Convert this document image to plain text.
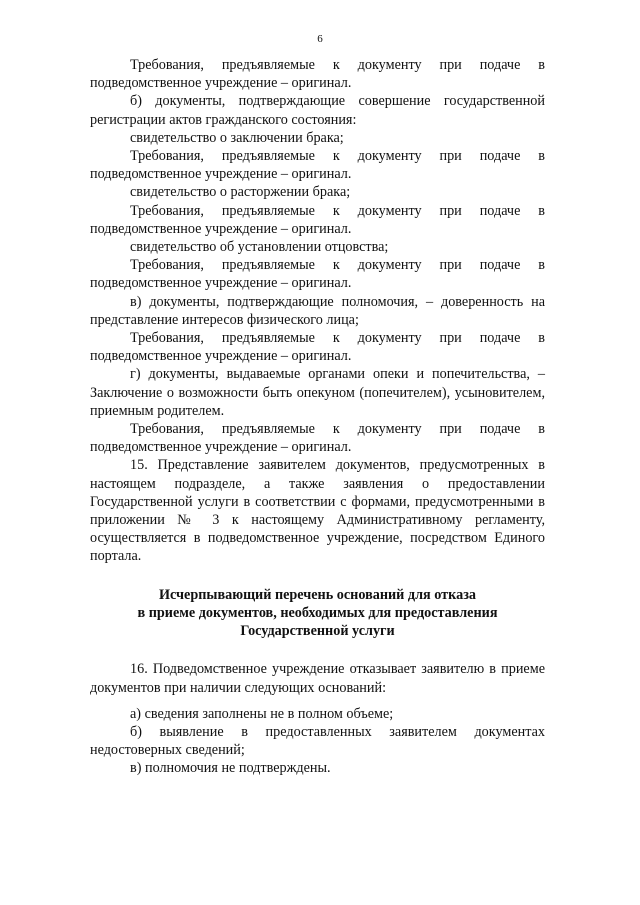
6

Требования, предъявляемые к документу при подаче в подведомственное учреждение – оригинал.

б) документы, подтверждающие совершение государственной регистрации актов гражданского состояния:

свидетельство о заключении брака;

Требования, предъявляемые к документу при подаче в подведомственное учреждение – оригинал.

свидетельство о расторжении брака;

Требования, предъявляемые к документу при подаче в подведомственное учреждение – оригинал.

свидетельство об установлении отцовства;

Требования, предъявляемые к документу при подаче в подведомственное учреждение – оригинал.

в) документы, подтверждающие полномочия, – доверенность на представление интересов физического лица;

Требования, предъявляемые к документу при подаче в подведомственное учреждение – оригинал.

г) документы, выдаваемые органами опеки и попечительства, – Заключение о возможности быть опекуном (попечителем), усыновителем, приемным родителем.

Требования, предъявляемые к документу при подаче в подведомственное учреждение – оригинал.

15. Представление заявителем документов, предусмотренных в настоящем подразделе, а также заявления о предоставлении Государственной услуги в соответствии с формами, предусмотренными в приложении № 3 к настоящему Административному регламенту, осуществляется в подведомственное учреждение, посредством Единого портала.

Исчерпывающий перечень оснований для отказа
в приеме документов, необходимых для предоставления
Государственной услуги

16. Подведомственное учреждение отказывает заявителю в приеме документов при наличии следующих оснований:

а) сведения заполнены не в полном объеме;

б) выявление в предоставленных заявителем документах недостоверных сведений;

в) полномочия не подтверждены.
